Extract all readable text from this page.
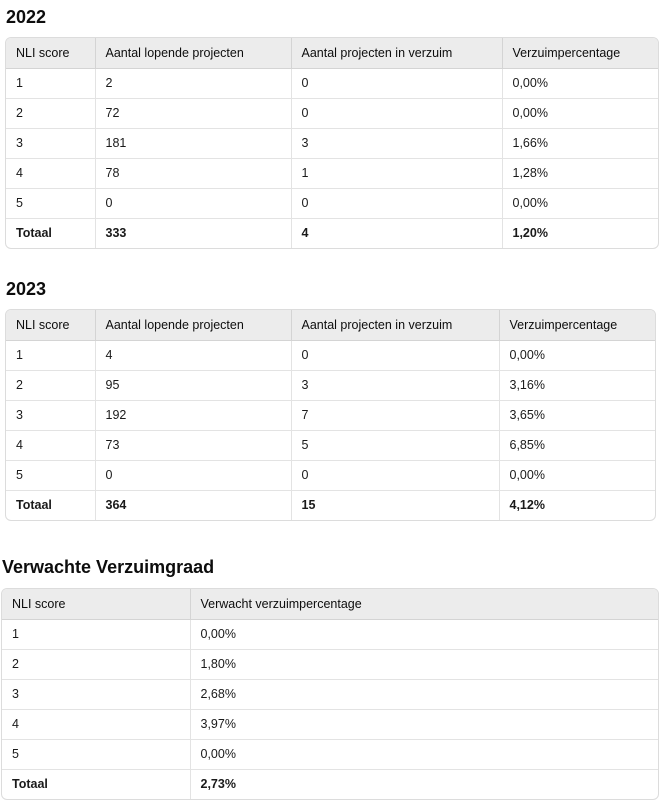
2022
NLI score	Aantal lopende projecten	Aantal projecten in verzuim	Verzuimpercentage
1	2	0	0,00%
2	72	0	0,00%
3	181	3	1,66%
4	78	1	1,28%
5	0	0	0,00%
Totaal	333	4	1,20%
2023
NLI score	Aantal lopende projecten	Aantal projecten in verzuim	Verzuimpercentage
1	4	0	0,00%
2	95	3	3,16%
3	192	7	3,65%
4	73	5	6,85%
5	0	0	0,00%
Totaal	364	15	4,12%
Verwachte Verzuimgraad
NLI score	Verwacht verzuimpercentage
1	0,00%
2	1,80%
3	2,68%
4	3,97%
5	0,00%
Totaal	2,73%
